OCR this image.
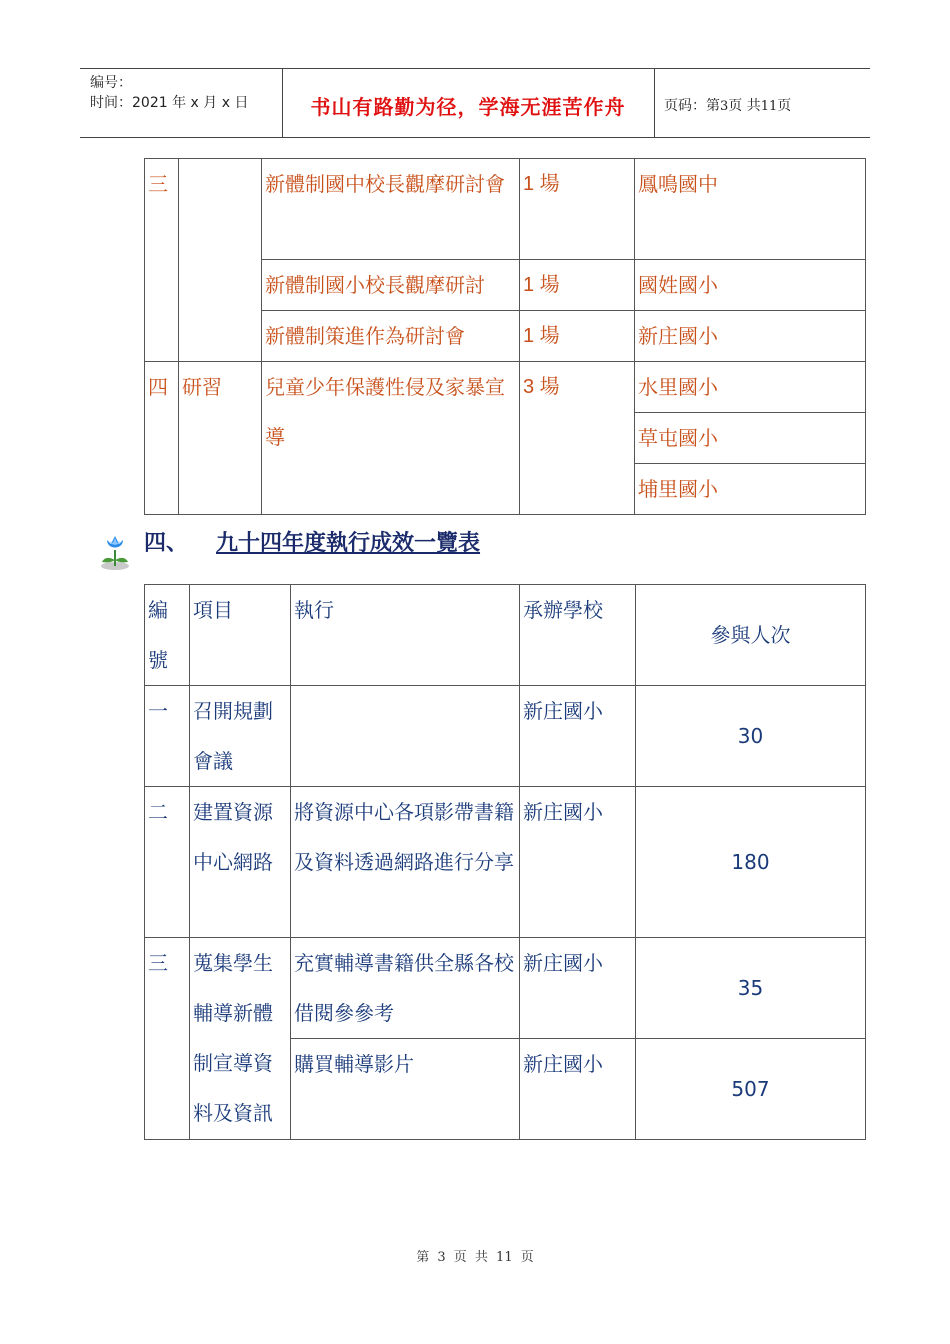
编号：
时间：2021 年 x 月 x 日	书山有路勤为径，学海无涯苦作舟	页码：第3页 共11页
三		新體制國中校長觀摩研討會	1 場	鳳鳴國中
		新體制國小校長觀摩研討	1 場	國姓國小
		新體制策進作為研討會	1 場	新庄國小
四	研習	兒童少年保護性侵及家暴宣導	3 場	水里國小
				草屯國小
				埔里國小
四、 九十四年度執行成效一覽表
編號	項目	執行	承辦學校	參與人次
一	召開規劃會議		新庄國小	30
二	建置資源中心網路	將資源中心各項影帶書籍及資料透過網路進行分享	新庄國小	180
三	蒐集學生輔導新體制宣導資料及資訊	充實輔導書籍供全縣各校借閱參參考	新庄國小	35
		購買輔導影片	新庄國小	507
第 3 页 共 11 页
